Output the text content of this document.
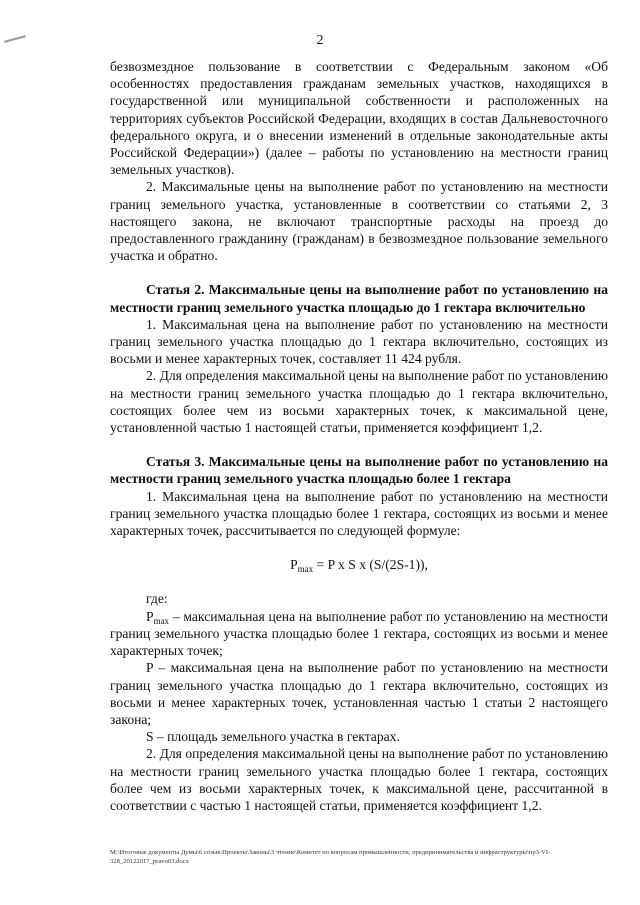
2

безвозмездное пользование в соответствии с Федеральным законом «Об особенностях предоставления гражданам земельных участков, находящихся в государственной или муниципальной собственности и расположенных на территориях субъектов Российской Федерации, входящих в состав Дальневосточного федерального округа, и о внесении изменений в отдельные законодательные акты Российской Федерации») (далее – работы по установлению на местности границ земельных участков).

2. Максимальные цены на выполнение работ по установлению на местности границ земельного участка, установленные в соответствии со статьями 2, 3 настоящего закона, не включают транспортные расходы на проезд до предоставленного гражданину (гражданам) в безвозмездное пользование земельного участка и обратно.

Статья 2. Максимальные цены на выполнение работ по установлению на местности границ земельного участка площадью до 1 гектара включительно

1. Максимальная цена на выполнение работ по установлению на местности границ земельного участка площадью до 1 гектара включительно, состоящих из восьми и менее характерных точек, составляет 11 424 рубля.

2. Для определения максимальной цены на выполнение работ по установлению на местности границ земельного участка площадью до 1 гектара включительно, состоящих более чем из восьми характерных точек, к максимальной цене, установленной частью 1 настоящей статьи, применяется коэффициент 1,2.

Статья 3. Максимальные цены на выполнение работ по установлению на местности границ земельного участка площадью более 1 гектара

1. Максимальная цена на выполнение работ по установлению на местности границ земельного участка площадью более 1 гектара, состоящих из восьми и менее характерных точек, рассчитывается по следующей формуле:

$P_{max} = P$ x S x (S/(2S-1)),

где:

$P_{max}$ – максимальная цена на выполнение работ по установлению на местности границ земельного участка площадью более 1 гектара, состоящих из восьми и менее характерных точек;

P – максимальная цена на выполнение работ по установлению на местности границ земельного участка площадью до 1 гектара включительно, состоящих из восьми и менее характерных точек, установленная частью 1 статьи 2 настоящего закона;

S – площадь земельного участка в гектарах.

2. Для определения максимальной цены на выполнение работ по установлению на местности границ земельного участка площадью более 1 гектара, состоящих более чем из восьми характерных точек, к максимальной цене, рассчитанной в соответствии с частью 1 настоящей статьи, применяется коэффициент 1,2.

M:\Итоговые документы Думы\6 созыв\Проекты\Законы\3 чтение\Комитет по вопросам промышленности, предпринимательства и инфраструктуры\пр3-VI-328_20122017_pravo03.docx
